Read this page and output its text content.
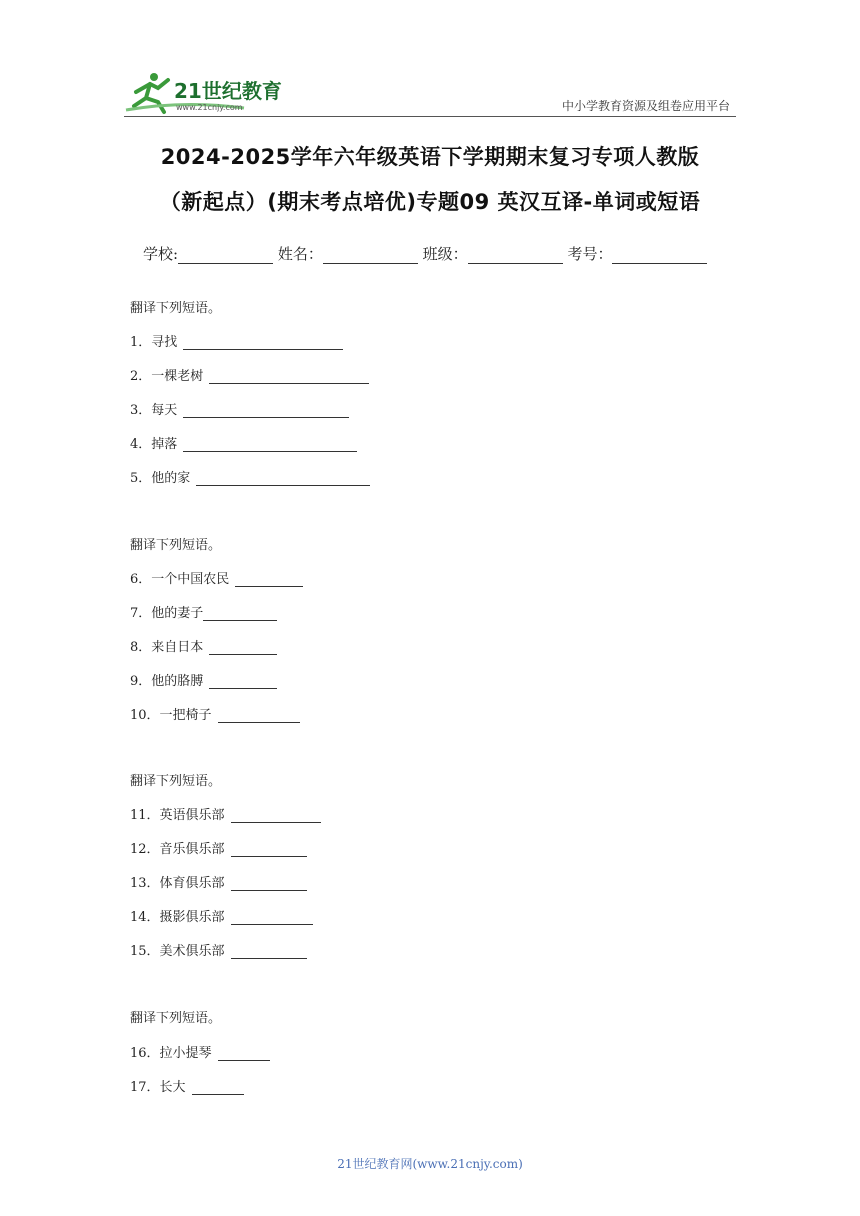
21世纪教育
www.21cnjy.com	中小学教育资源及组卷应用平台
2024-2025学年六年级英语下学期期末复习专项人教版
（新起点）(期末考点培优)专题09 英汉互译-单词或短语
学校:	姓名：	班级：	考号：
翻译下列短语。
1．寻找
2．一棵老树
3．每天
4．掉落
5．他的家
翻译下列短语。
6．一个中国农民
7．他的妻子
8．来自日本
9．他的胳膊
10．一把椅子
翻译下列短语。
11．英语俱乐部
12．音乐俱乐部
13．体育俱乐部
14．摄影俱乐部
15．美术俱乐部
翻译下列短语。
16．拉小提琴
17．长大
21世纪教育网(www.21cnjy.com)
